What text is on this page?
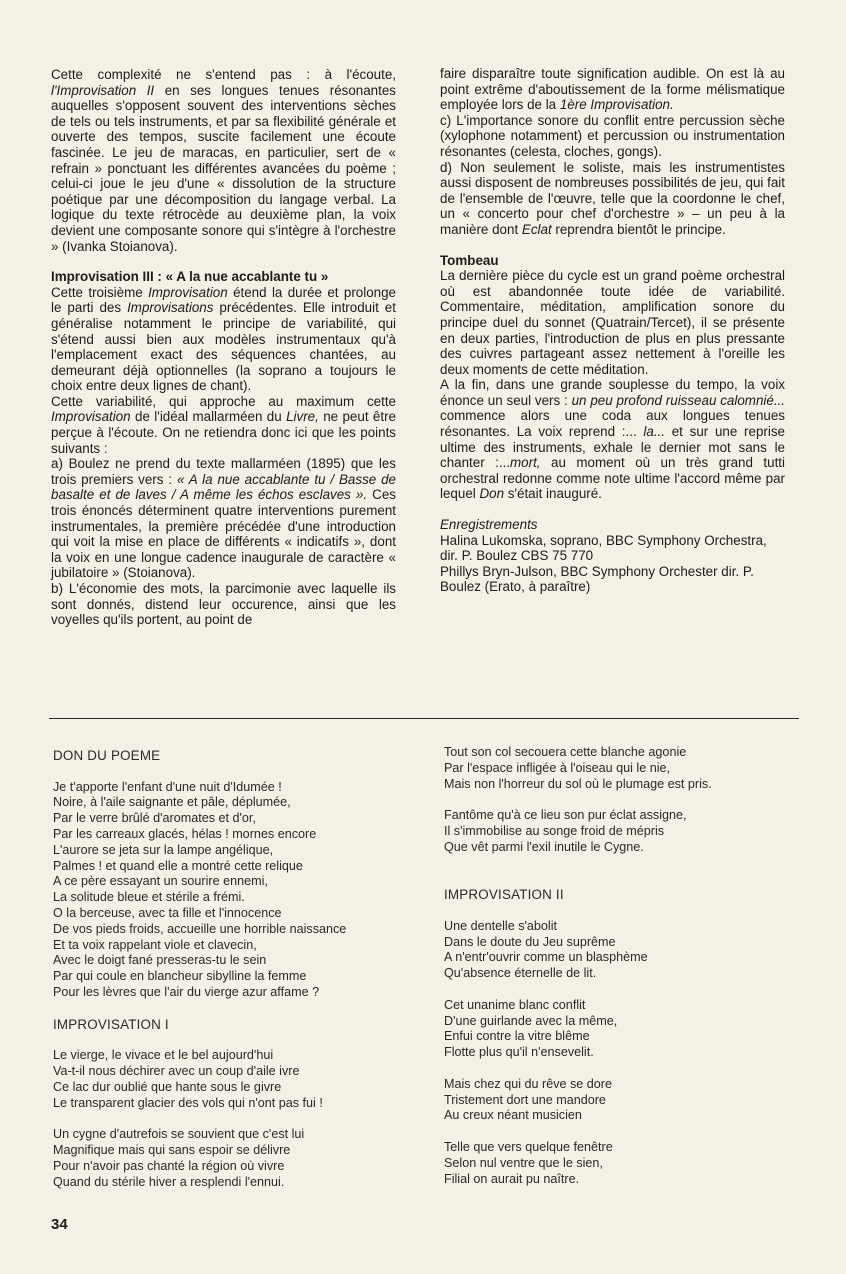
Cette complexité ne s'entend pas : à l'écoute, l'Improvisation II en ses longues tenues résonantes auquelles s'opposent souvent des interventions sèches de tels ou tels instruments, et par sa flexibilité générale et ouverte des tempos, suscite facilement une écoute fascinée. Le jeu de maracas, en particulier, sert de « refrain » ponctuant les différentes avancées du poème ; celui-ci joue le jeu d'une « dissolution de la structure poétique par une décomposition du langage verbal. La logique du texte rétrocède au deuxième plan, la voix devient une composante sonore qui s'intègre à l'orchestre » (Ivanka Stoianova).

Improvisation III : « A la nue accablante tu »

Cette troisième Improvisation étend la durée et prolonge le parti des Improvisations précédentes. Elle introduit et généralise notamment le principe de variabilité, qui s'étend aussi bien aux modèles instrumentaux qu'à l'emplacement exact des séquences chantées, au demeurant déjà optionnelles (la soprano a toujours le choix entre deux lignes de chant).

Cette variabilité, qui approche au maximum cette Improvisation de l'idéal mallarméen du Livre, ne peut être perçue à l'écoute. On ne retiendra donc ici que les points suivants :

a) Boulez ne prend du texte mallarméen (1895) que les trois premiers vers : « A la nue accablante tu / Basse de basalte et de laves / A même les échos esclaves ». Ces trois énoncés déterminent quatre interventions purement instrumentales, la première précédée d'une introduction qui voit la mise en place de différents « indicatifs », dont la voix en une longue cadence inaugurale de caractère « jubilatoire » (Stoianova).

b) L'économie des mots, la parcimonie avec laquelle ils sont donnés, distend leur occurence, ainsi que les voyelles qu'ils portent, au point de

faire disparaître toute signification audible. On est là au point extrême d'aboutissement de la forme mélismatique employée lors de la 1ère Improvisation.

c) L'importance sonore du conflit entre percussion sèche (xylophone notamment) et percussion ou instrumentation résonantes (celesta, cloches, gongs).

d) Non seulement le soliste, mais les instrumentistes aussi disposent de nombreuses possibilités de jeu, qui fait de l'ensemble de l'œuvre, telle que la coordonne le chef, un « concerto pour chef d'orchestre » – un peu à la manière dont Eclat reprendra bientôt le principe.

Tombeau

La dernière pièce du cycle est un grand poème orchestral où est abandonnée toute idée de variabilité. Commentaire, méditation, amplification sonore du principe duel du sonnet (Quatrain/Tercet), il se présente en deux parties, l'introduction de plus en plus pressante des cuivres partageant assez nettement à l'oreille les deux moments de cette méditation.

A la fin, dans une grande souplesse du tempo, la voix énonce un seul vers : un peu profond ruisseau calomnié... commence alors une coda aux longues tenues résonantes. La voix reprend :... la... et sur une reprise ultime des instruments, exhale le dernier mot sans le chanter :...mort, au moment où un très grand tutti orchestral redonne comme note ultime l'accord même par lequel Don s'était inauguré.

Enregistrements

Halina Lukomska, soprano, BBC Symphony Orchestra, dir. P. Boulez CBS 75 770

Phillys Bryn-Julson, BBC Symphony Orchester dir. P. Boulez (Erato, à paraître)

DON DU POEME
Je t'apporte l'enfant d'une nuit d'Idumée !
Noire, à l'aile saignante et pâle, déplumée,
Par le verre brûlé d'aromates et d'or,
Par les carreaux glacés, hélas ! mornes encore
L'aurore se jeta sur la lampe angélique,
Palmes ! et quand elle a montré cette relique
A ce père essayant un sourire ennemi,
La solitude bleue et stérile a frémi.
O la berceuse, avec ta fille et l'innocence
De vos pieds froids, accueille une horrible naissance
Et ta voix rappelant viole et clavecin,
Avec le doigt fané presseras-tu le sein
Par qui coule en blancheur sibylline la femme
Pour les lèvres que l'air du vierge azur affame ?
IMPROVISATION I
Le vierge, le vivace et le bel aujourd'hui
Va-t-il nous déchirer avec un coup d'aile ivre
Ce lac dur oublié que hante sous le givre
Le transparent glacier des vols qui n'ont pas fui !
Un cygne d'autrefois se souvient que c'est lui
Magnifique mais qui sans espoir se délivre
Pour n'avoir pas chanté la région où vivre
Quand du stérile hiver a resplendi l'ennui.
Tout son col secouera cette blanche agonie
Par l'espace infligée à l'oiseau qui le nie,
Mais non l'horreur du sol où le plumage est pris.
Fantôme qu'à ce lieu son pur éclat assigne,
Il s'immobilise au songe froid de mépris
Que vêt parmi l'exil inutile le Cygne.
IMPROVISATION II
Une dentelle s'abolit
Dans le doute du Jeu suprême
A n'entr'ouvrir comme un blasphème
Qu'absence éternelle de lit.
Cet unanime blanc conflit
D'une guirlande avec la même,
Enfui contre la vitre blême
Flotte plus qu'il n'ensevelit.
Mais chez qui du rêve se dore
Tristement dort une mandore
Au creux néant musicien
Telle que vers quelque fenêtre
Selon nul ventre que le sien,
Filial on aurait pu naître.
34
